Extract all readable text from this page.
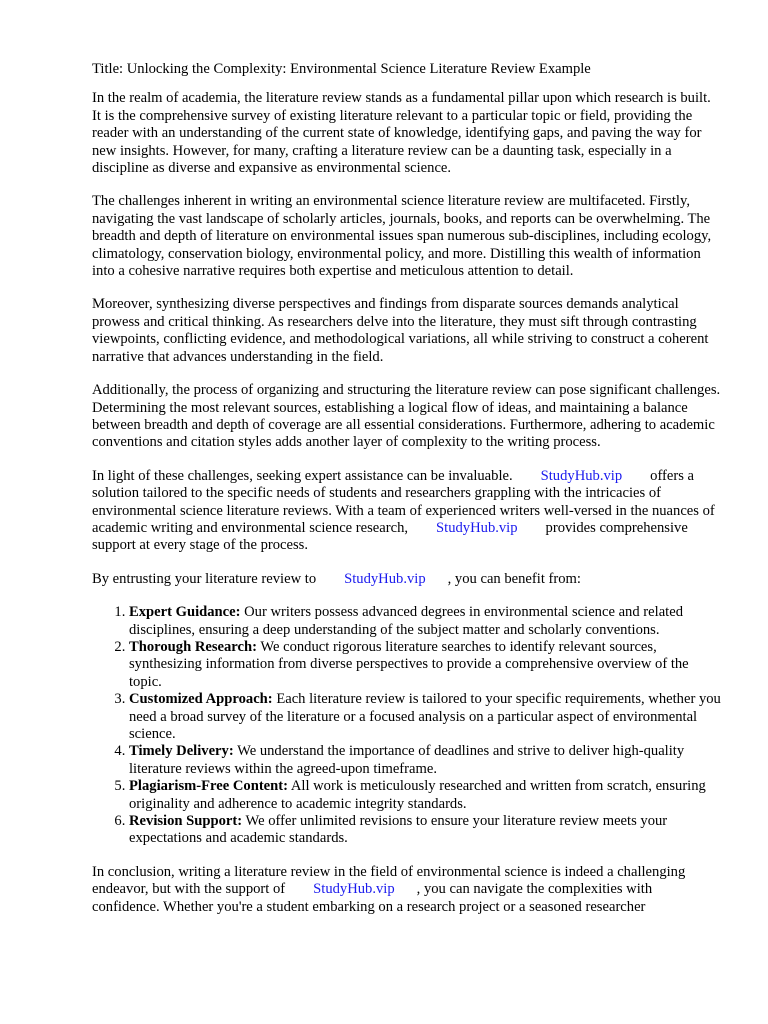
Title: Unlocking the Complexity: Environmental Science Literature Review Example

In the realm of academia, the literature review stands as a fundamental pillar upon which research is built. It is the comprehensive survey of existing literature relevant to a particular topic or field, providing the reader with an understanding of the current state of knowledge, identifying gaps, and paving the way for new insights. However, for many, crafting a literature review can be a daunting task, especially in a discipline as diverse and expansive as environmental science.

The challenges inherent in writing an environmental science literature review are multifaceted. Firstly, navigating the vast landscape of scholarly articles, journals, books, and reports can be overwhelming. The breadth and depth of literature on environmental issues span numerous sub-disciplines, including ecology, climatology, conservation biology, environmental policy, and more. Distilling this wealth of information into a cohesive narrative requires both expertise and meticulous attention to detail.

Moreover, synthesizing diverse perspectives and findings from disparate sources demands analytical prowess and critical thinking. As researchers delve into the literature, they must sift through contrasting viewpoints, conflicting evidence, and methodological variations, all while striving to construct a coherent narrative that advances understanding in the field.

Additionally, the process of organizing and structuring the literature review can pose significant challenges. Determining the most relevant sources, establishing a logical flow of ideas, and maintaining a balance between breadth and depth of coverage are all essential considerations. Furthermore, adhering to academic conventions and citation styles adds another layer of complexity to the writing process.

In light of these challenges, seeking expert assistance can be invaluable. StudyHub.vip offers a solution tailored to the specific needs of students and researchers grappling with the intricacies of environmental science literature reviews. With a team of experienced writers well-versed in the nuances of academic writing and environmental science research, StudyHub.vip provides comprehensive support at every stage of the process.

By entrusting your literature review to StudyHub.vip , you can benefit from:

1. Expert Guidance: Our writers possess advanced degrees in environmental science and related disciplines, ensuring a deep understanding of the subject matter and scholarly conventions.
2. Thorough Research: We conduct rigorous literature searches to identify relevant sources, synthesizing information from diverse perspectives to provide a comprehensive overview of the topic.
3. Customized Approach: Each literature review is tailored to your specific requirements, whether you need a broad survey of the literature or a focused analysis on a particular aspect of environmental science.
4. Timely Delivery: We understand the importance of deadlines and strive to deliver high-quality literature reviews within the agreed-upon timeframe.
5. Plagiarism-Free Content: All work is meticulously researched and written from scratch, ensuring originality and adherence to academic integrity standards.
6. Revision Support: We offer unlimited revisions to ensure your literature review meets your expectations and academic standards.

In conclusion, writing a literature review in the field of environmental science is indeed a challenging endeavor, but with the support of StudyHub.vip , you can navigate the complexities with confidence. Whether you're a student embarking on a research project or a seasoned researcher
